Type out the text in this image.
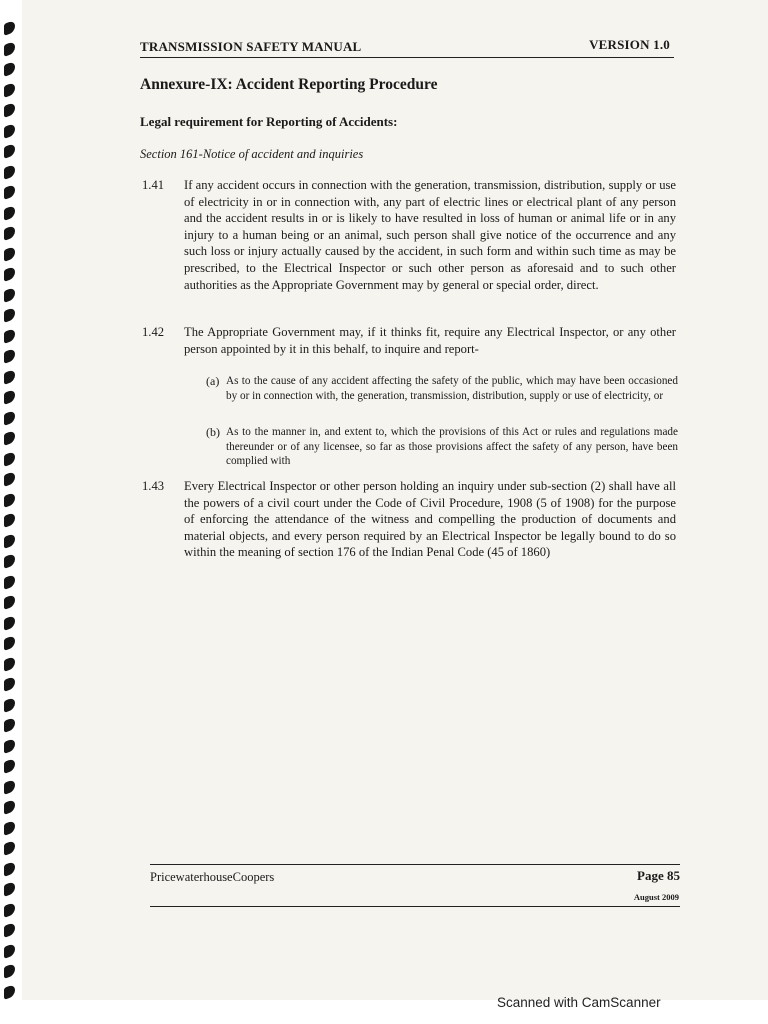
TRANSMISSION SAFETY MANUAL	VERSION 1.0
Annexure-IX: Accident Reporting Procedure
Legal requirement for Reporting of Accidents:
Section 161-Notice of accident and inquiries
1.41 If any accident occurs in connection with the generation, transmission, distribution, supply or use of electricity in or in connection with, any part of electric lines or electrical plant of any person and the accident results in or is likely to have resulted in loss of human or animal life or in any injury to a human being or an animal, such person shall give notice of the occurrence and any such loss or injury actually caused by the accident, in such form and within such time as may be prescribed, to the Electrical Inspector or such other person as aforesaid and to such other authorities as the Appropriate Government may by general or special order, direct.
1.42 The Appropriate Government may, if it thinks fit, require any Electrical Inspector, or any other person appointed by it in this behalf, to inquire and report-
(a) As to the cause of any accident affecting the safety of the public, which may have been occasioned by or in connection with, the generation, transmission, distribution, supply or use of electricity, or
(b) As to the manner in, and extent to, which the provisions of this Act or rules and regulations made thereunder or of any licensee, so far as those provisions affect the safety of any person, have been complied with
1.43 Every Electrical Inspector or other person holding an inquiry under sub-section (2) shall have all the powers of a civil court under the Code of Civil Procedure, 1908 (5 of 1908) for the purpose of enforcing the attendance of the witness and compelling the production of documents and material objects, and every person required by an Electrical Inspector be legally bound to do so within the meaning of section 176 of the Indian Penal Code (45 of 1860)
PricewaterhouseCoopers	Page 85
August 2009
Scanned with CamScanner
